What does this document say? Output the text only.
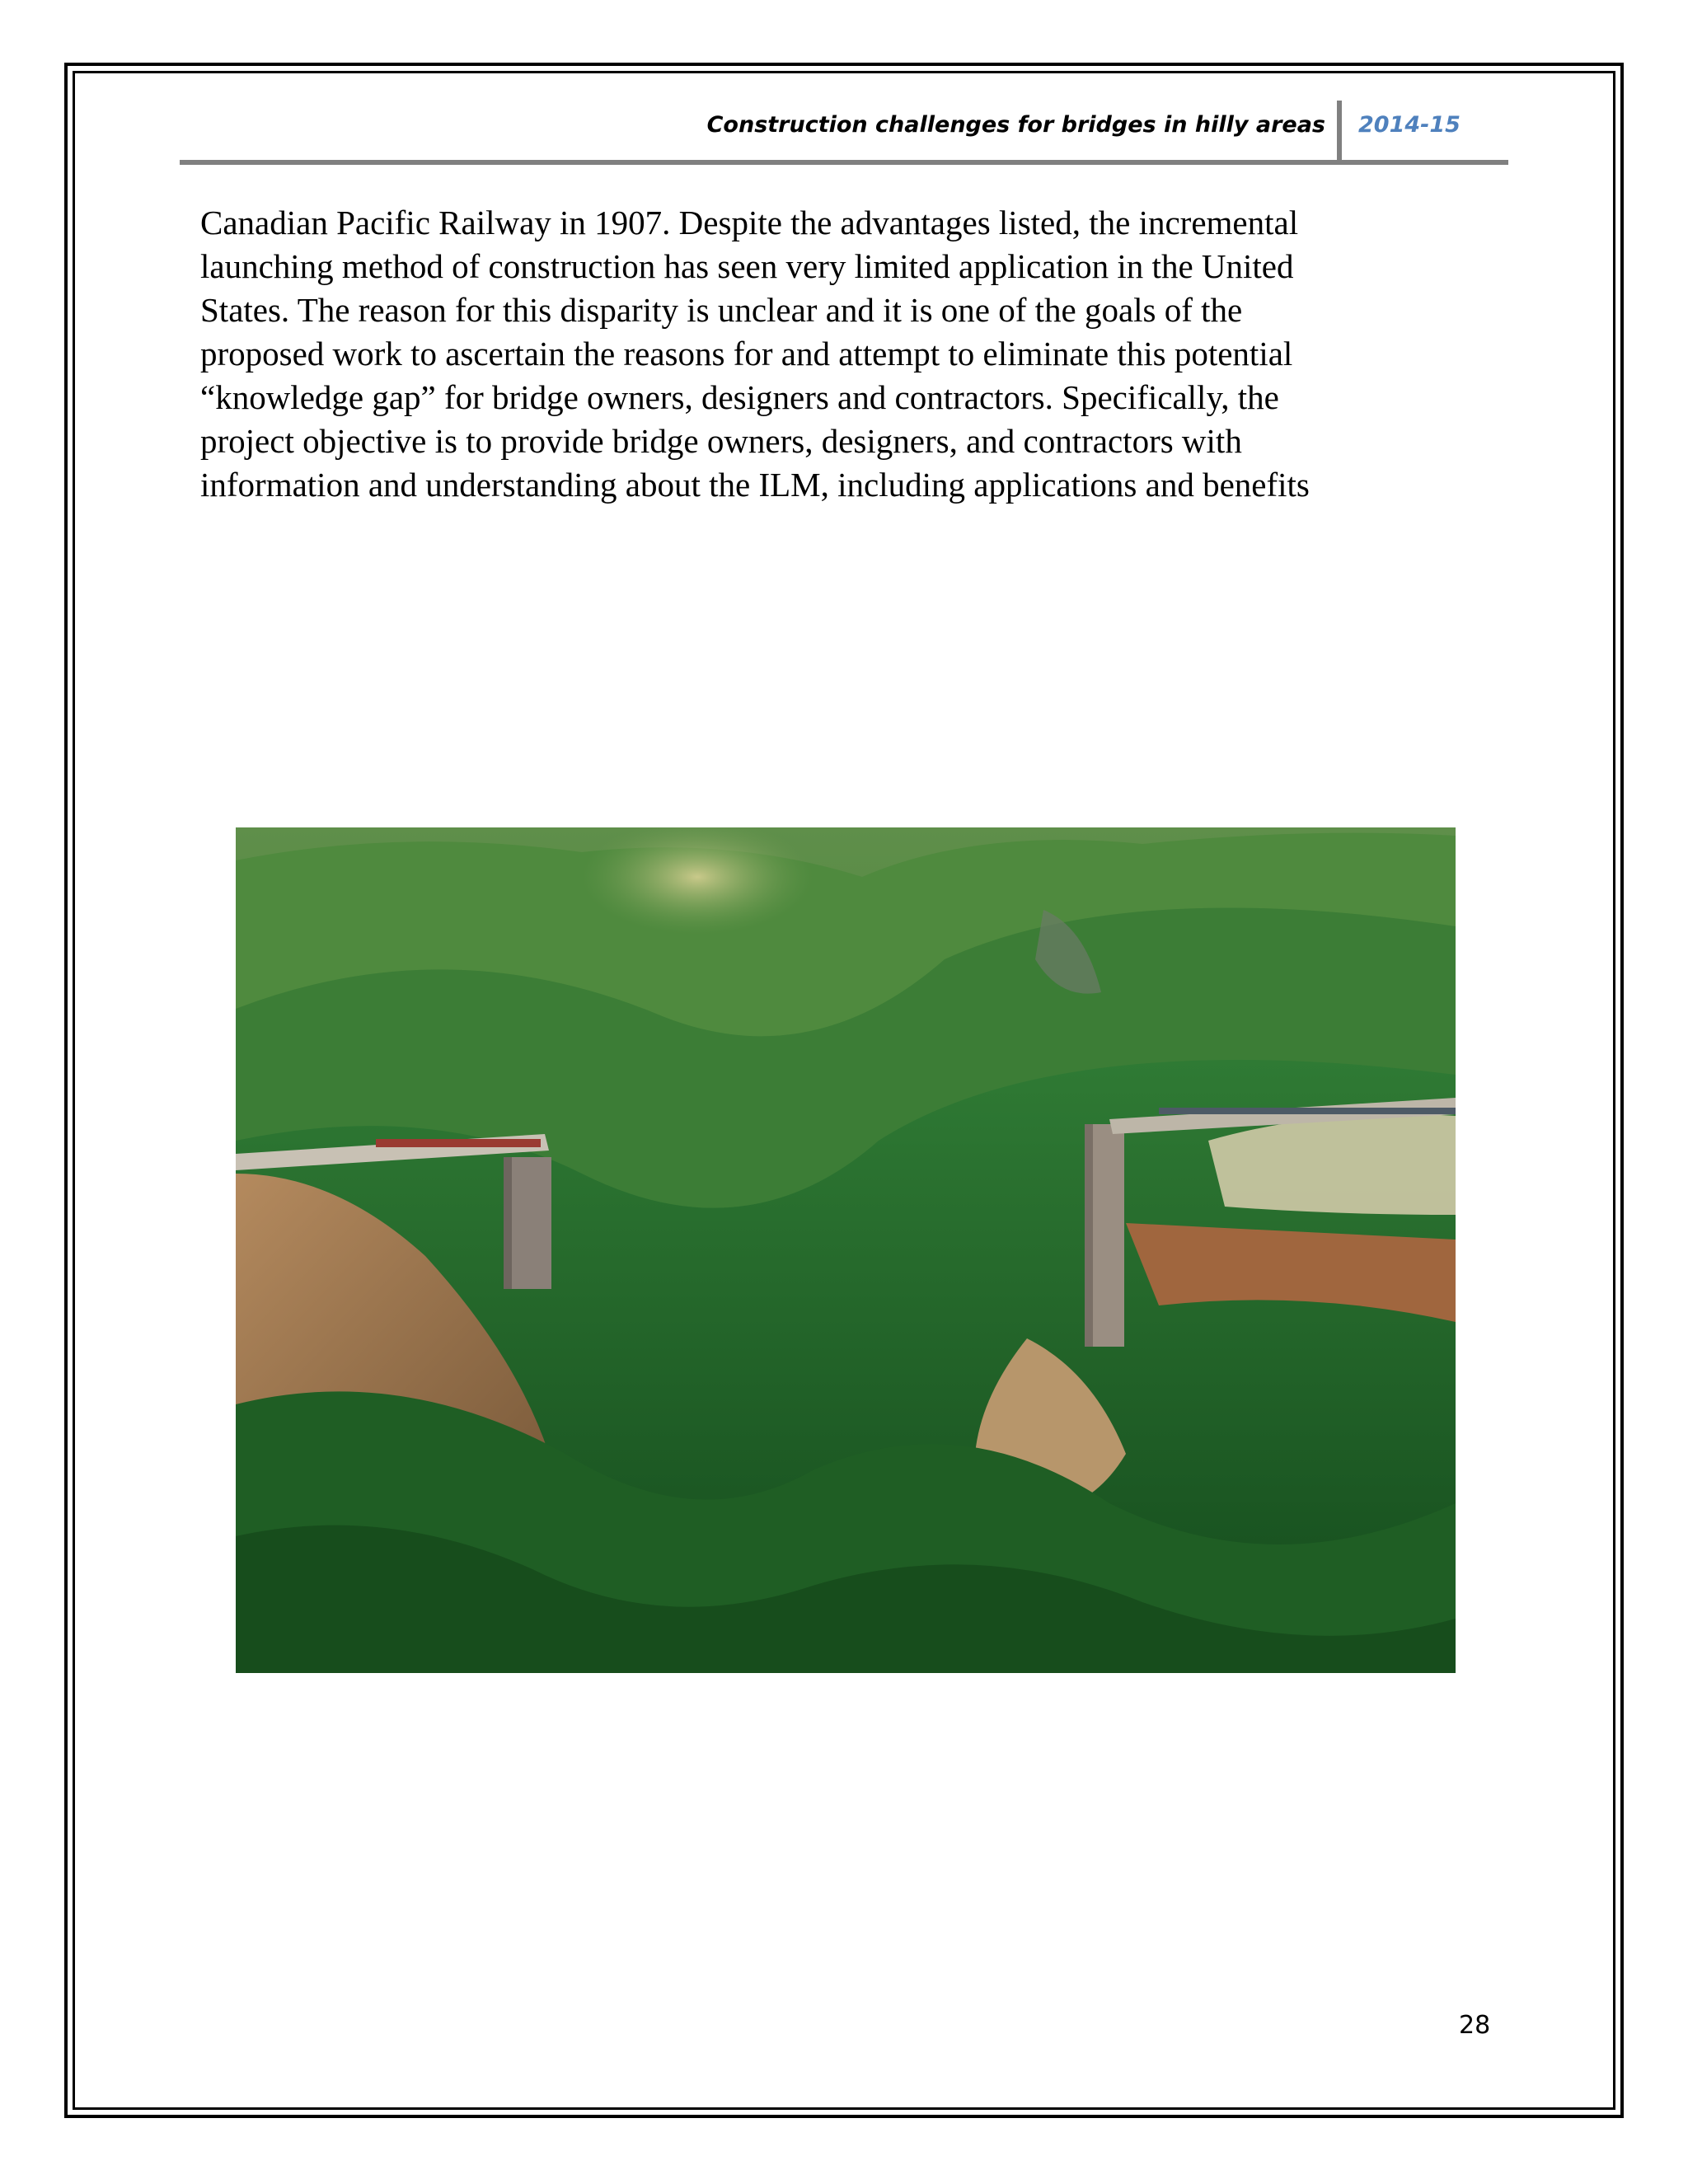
Construction challenges for bridges in hilly areas 2014-15
Canadian Pacific Railway in 1907. Despite the advantages listed, the incremental
launching method of construction has seen very limited application in the United
States. The reason for this disparity is unclear and it is one of the goals of the
proposed work to ascertain the reasons for and attempt to eliminate this potential
“knowledge gap” for bridge owners, designers and contractors. Specifically, the
project objective is to provide bridge owners, designers, and contractors with
information and understanding about the ILM, including applications and benefits
28
